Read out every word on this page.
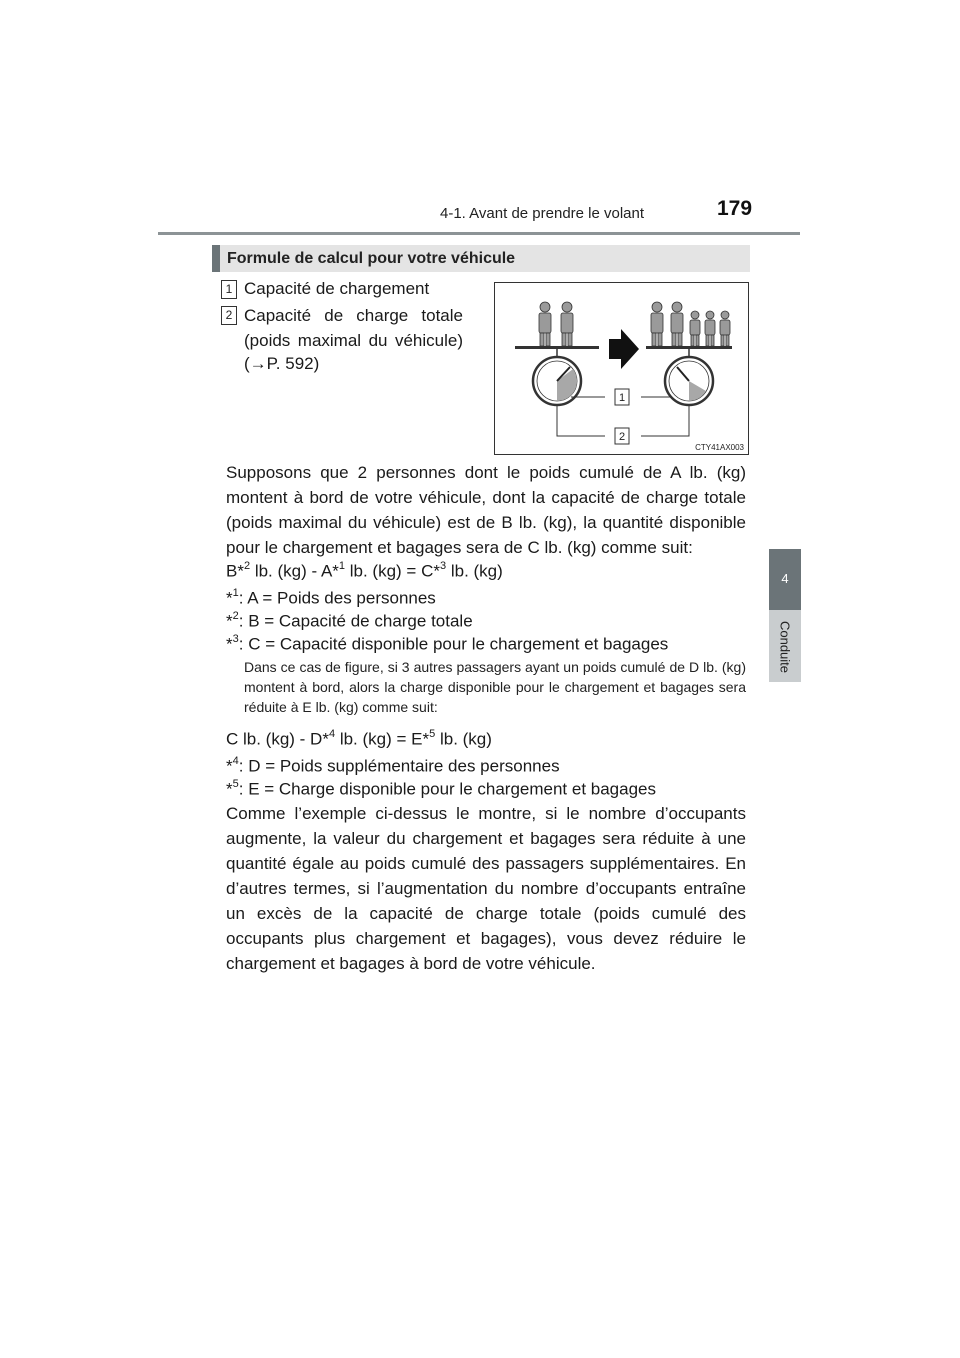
4-1. Avant de prendre le volant	179
4
Conduite
Formule de calcul pour votre véhicule
1 Capacité de chargement
2 Capacité de charge totale
(poids maximal du véhicule)
(→P. 592)
1
2
CTY41AX003
Supposons que 2 personnes dont le poids cumulé de A lb. (kg) montent à bord de votre véhicule, dont la capacité de charge totale (poids maximal du véhicule) est de B lb. (kg), la quantité disponible pour le chargement et bagages sera de C lb. (kg) comme suit:
B*$^2$ lb. (kg) - A*$^1$ lb. (kg) = C*$^3$ lb. (kg)
*$^1$: A = Poids des personnes
*$^2$: B = Capacité de charge totale
*$^3$: C = Capacité disponible pour le chargement et bagages
Dans ce cas de figure, si 3 autres passagers ayant un poids cumulé de D lb. (kg) montent à bord, alors la charge disponible pour le chargement et bagages sera réduite à E lb. (kg) comme suit:
C lb. (kg) - D*$^4$ lb. (kg) = E*$^5$ lb. (kg)
*$^4$: D = Poids supplémentaire des personnes
*$^5$: E = Charge disponible pour le chargement et bagages
Comme l’exemple ci-dessus le montre, si le nombre d’occupants augmente, la valeur du chargement et bagages sera réduite à une quantité égale au poids cumulé des passagers supplémentaires. En d’autres termes, si l’augmentation du nombre d’occupants entraîne un excès de la capacité de charge totale (poids cumulé des occupants plus chargement et bagages), vous devez réduire le chargement et bagages à bord de votre véhicule.
